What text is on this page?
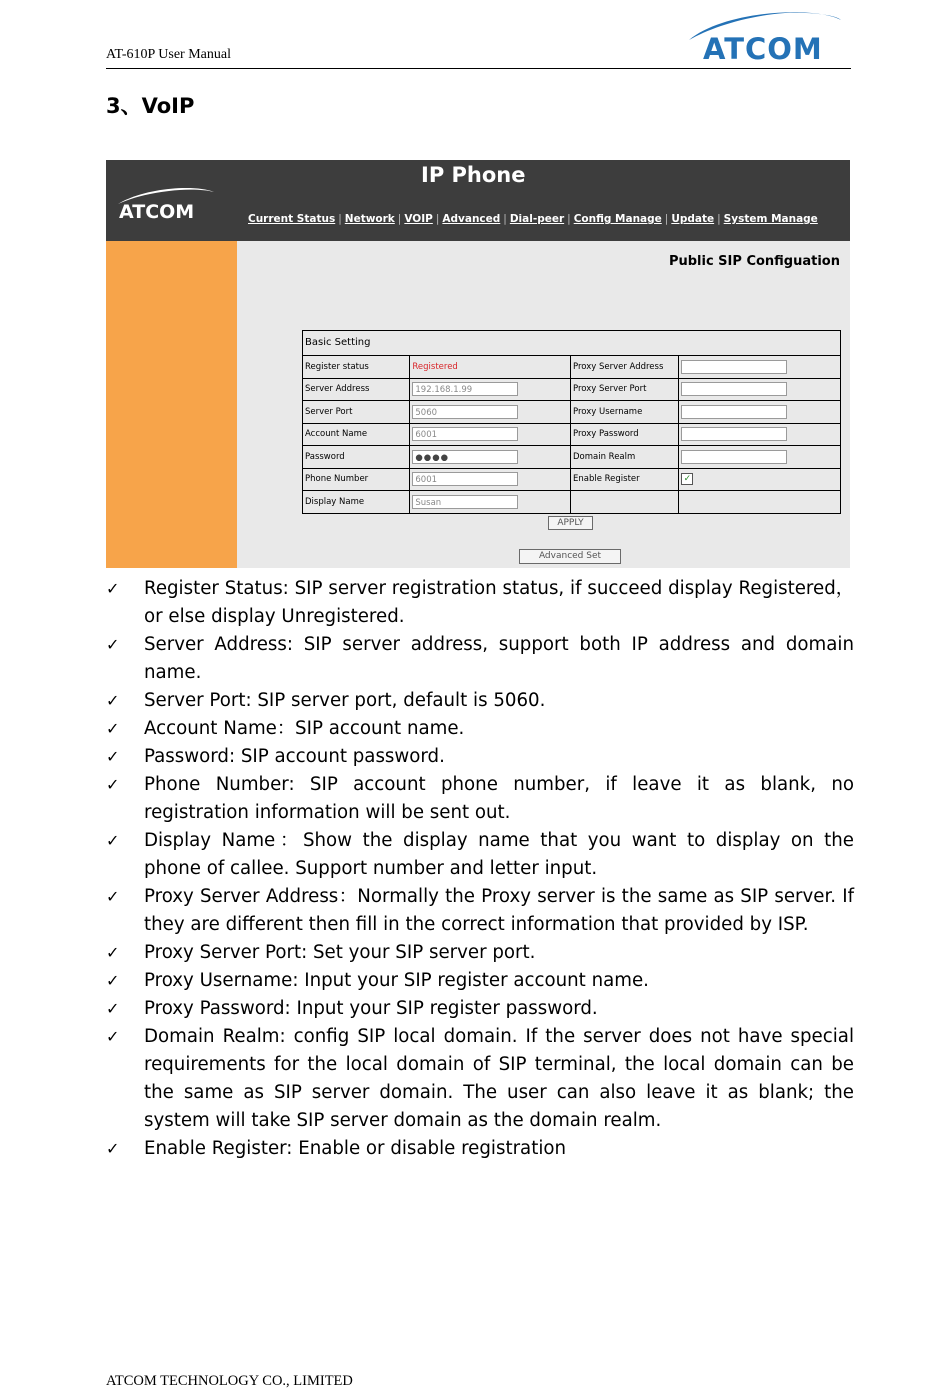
AT-610P User Manual	ATCOM
3、VoIP
ATCOM
IP Phone
Current Status | Network | VOIP | Advanced | Dial-peer | Config Manage | Update | System Manage
Public SIP Configuation
Basic Setting
Register status	Registered	Proxy Server Address	

Server Address	192.168.1.99	Proxy Server Port	

Server Port	5060	Proxy Username	

Account Name	6001	Proxy Password	

Password	●●●●	Domain Realm	

Phone Number	6001	Enable Register	✓
Display Name	Susan		

APPLY
Advanced Set
✓	Register Status: SIP server registration status, if succeed display Registered，or else display Unregistered.
✓	Server Address: SIP server address, support both IP address and domain name.
✓	Server Port: SIP server port, default is 5060.
✓	Account Name：SIP account name.
✓	Password: SIP account password.
✓	Phone Number: SIP account phone number, if leave it as blank, no registration information will be sent out.
✓	Display Name：Show the display name that you want to display on the phone of callee. Support number and letter input.
✓	Proxy Server Address：Normally the Proxy server is the same as SIP server. If they are different then fill in the correct information that provided by ISP.
✓	Proxy Server Port: Set your SIP server port.
✓	Proxy Username: Input your SIP register account name.
✓	Proxy Password: Input your SIP register password.
✓	Domain Realm: config SIP local domain. If the server does not have special requirements for the local domain of SIP terminal, the local domain can be the same as SIP server domain. The user can also leave it as blank; the system will take SIP server domain as the domain realm.
✓	Enable Register: Enable or disable registration
ATCOM TECHNOLOGY CO., LIMITED
